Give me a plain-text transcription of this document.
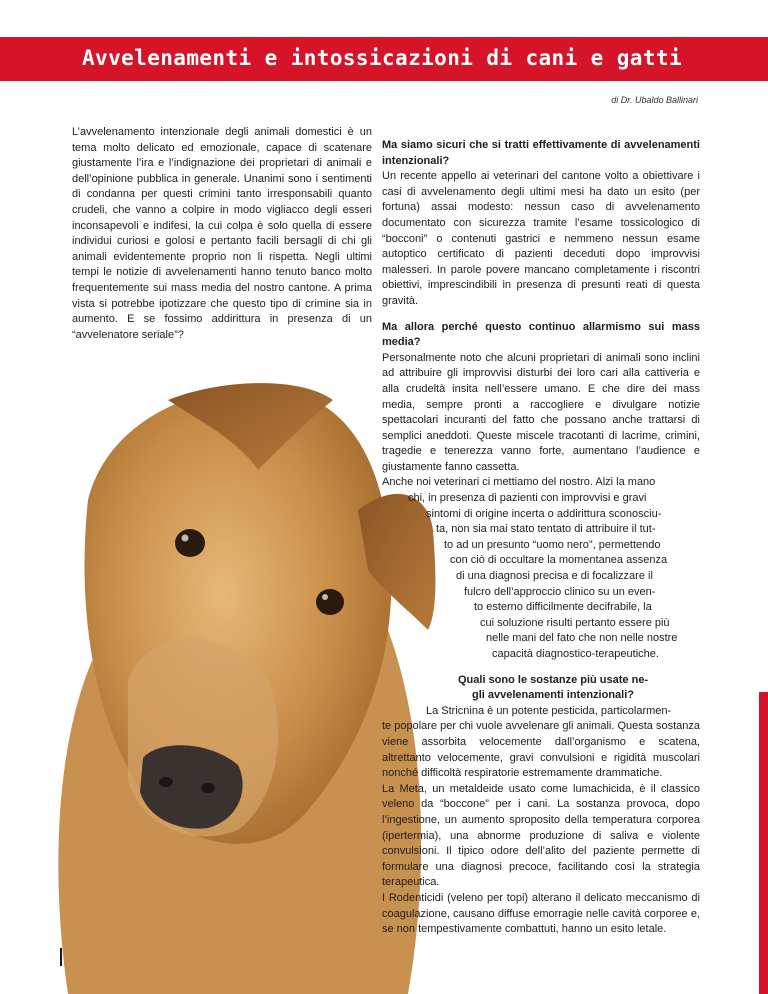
Avvelenamenti e intossicazioni di cani e gatti
di Dr. Ubaldo Ballinari

L’avvelenamento intenzionale degli animali domestici è un tema molto delicato ed emozionale, capace di scatenare giustamente l’ira e l’indignazione dei proprietari di animali e dell’opinione pubblica in generale. Unanimi sono i sentimenti di condanna per questi crimini tanto irresponsabili quanto crudeli, che vanno a colpire in modo vigliacco degli esseri inconsapevoli e indifesi, la cui colpa è solo quella di essere individui curiosi e golosi e pertanto facili bersagli di chi gli animali evidentemente proprio non li rispetta. Negli ultimi tempi le notizie di avvelenamenti hanno tenuto banco molto frequentemente sui mass media del nostro cantone. A prima vista si potrebbe ipotizzare che questo tipo di crimine sia in aumento. E se fossimo addirittura in presenza di un “avvelenatore seriale”?

Ma siamo sicuri che si tratti effettivamente di avvelenamenti intenzionali?

Un recente appello ai veterinari del cantone volto a obiettivare i casi di avvelenamento degli ultimi mesi ha dato un esito (per fortuna) assai modesto: nessun caso di avvelenamento documentato con sicurezza tramite l’esame tossicologico di “bocconi” o contenuti gastrici e nemmeno nessun esame autoptico certificato di pazienti deceduti dopo improvvisi malesseri. In parole povere mancano completamente i riscontri obiettivi, imprescindibili in presenza di presunti reati di questa gravità.

Ma allora perché questo continuo allarmismo sui mass media?

Personalmente noto che alcuni proprietari di animali sono inclini ad attribuire gli improvvisi disturbi dei loro cari alla cattiveria e alla crudeltà insita nell’essere umano. E che dire dei mass media, sempre pronti a raccogliere e divulgare notizie spettacolari incuranti del fatto che possano anche trattarsi di semplici aneddoti. Queste miscele tracotanti di lacrime, crimini, tragedie e tenerezza vanno forte, aumentano l’audience e giustamente fanno cassetta.

Anche noi veterinari ci mettiamo del nostro. Alzi la mano
chi, in presenza di pazienti con improvvisi e gravi
sintomi di origine incerta o addirittura sconosciu-
ta, non sia mai stato tentato di attribuire il tut-
to ad un presunto “uomo nero”, permettendo
con ciò di occultare la momentanea assenza
di una diagnosi precisa e di focalizzare il
fulcro dell’approccio clinico su un even-
to esterno difficilmente decifrabile, la
cui soluzione risulti pertanto essere più
nelle mani del fato che non nelle nostre
capacità diagnostico-terapeutiche.
Quali sono le sostanze più usate ne-
gli avvelenamenti intenzionali?
La Stricnina è un potente pesticida, particolarmen-

te popolare per chi vuole avvelenare gli animali. Questa sostanza viene assorbita velocemente dall’organismo e scatena, altrettanto velocemente, gravi convulsioni e rigidità muscolari nonché difficoltà respiratorie estremamente drammatiche.

La Meta, un metaldeide usato come lumachicida, è il classico veleno da “boccone” per i cani. La sostanza provoca, dopo l’ingestione, un aumento sproposito della temperatura corporea (ipertermia), una abnorme produzione di saliva e violente convulsioni. Il tipico odore dell’alito del paziente permette di formulare una diagnosi precoce, facilitando così la strategia terapeutica.

I Rodenticidi (veleno per topi) alterano il delicato meccanismo di coagulazione, causano diffuse emorragie nelle cavità corporee e, se non tempestivamente combattuti, hanno un esito letale.
